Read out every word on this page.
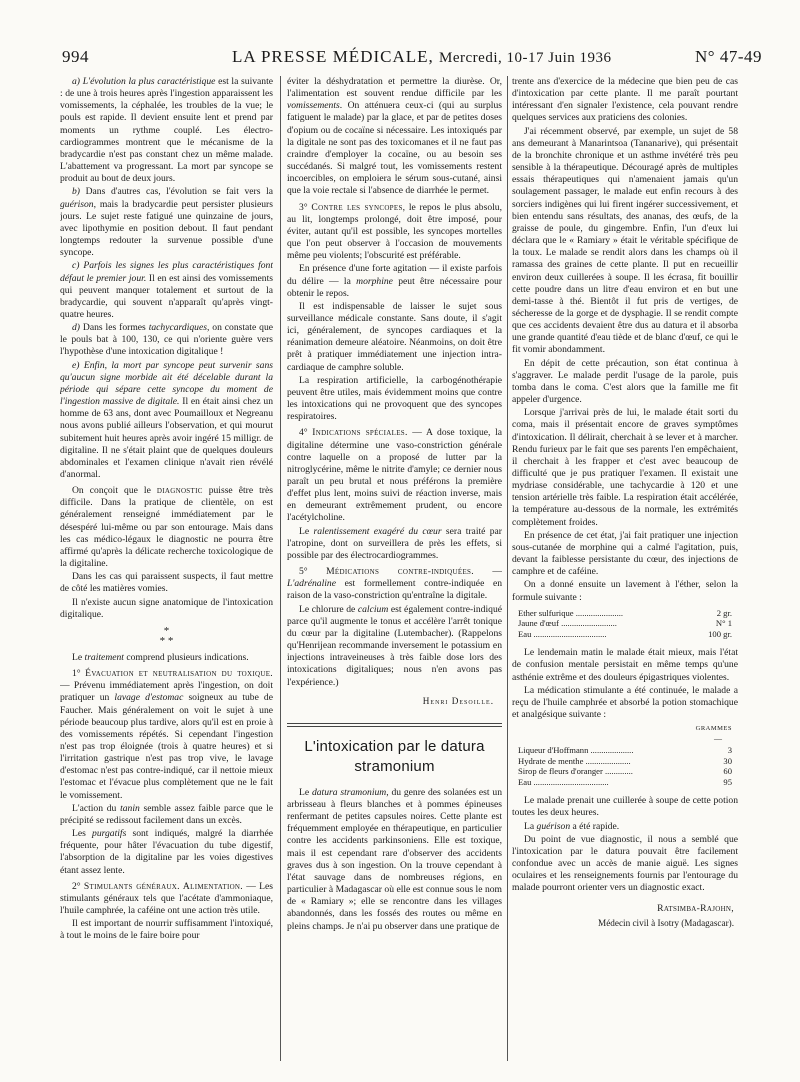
994	LA PRESSE MÉDICALE, Mercredi, 10-17 Juin 1936	N° 47-49

a) L'évolution la plus caractéristique est la suivante : de une à trois heures après l'ingestion apparaissent les vomissements, la céphalée, les troubles de la vue; le pouls est rapide. Il devient ensuite lent et prend par moments un rythme couplé. Les électro-cardiogrammes montrent que le mécanisme de la bradycardie n'est pas constant chez un même malade. L'abattement va progressant. La mort par syncope se produit au bout de deux jours.

b) Dans d'autres cas, l'évolution se fait vers la guérison, mais la bradycardie peut persister plusieurs jours. Le sujet reste fatigué une quinzaine de jours, avec lipothymie en position debout. Il faut pendant longtemps redouter la survenue possible d'une syncope.

c) Parfois les signes les plus caractéristiques font défaut le premier jour. Il en est ainsi des vomissements qui peuvent manquer totalement et surtout de la bradycardie, qui souvent n'apparaît qu'après vingt-quatre heures.

d) Dans les formes tachycardiques, on constate que le pouls bat à 100, 130, ce qui n'oriente guère vers l'hypothèse d'une intoxication digitalique !

e) Enfin, la mort par syncope peut survenir sans qu'aucun signe morbide ait été décelable durant la période qui sépare cette syncope du moment de l'ingestion massive de digitale. Il en était ainsi chez un homme de 63 ans, dont avec Poumailloux et Negreanu nous avons publié ailleurs l'observation, et qui mourut subitement huit heures après avoir ingéré 15 milligr. de digitaline. Il ne s'était plaint que de quelques douleurs abdominales et l'examen clinique n'avait rien révélé d'anormal.

On conçoit que le diagnostic puisse être très difficile. Dans la pratique de clientèle, on est généralement renseigné immédiatement par le désespéré lui-même ou par son entourage. Mais dans les cas médico-légaux le diagnostic ne pourra être affirmé qu'après la délicate recherche toxicologique de la digitaline.

Dans les cas qui paraissent suspects, il faut mettre de côté les matières vomies.

Il n'existe aucun signe anatomique de l'intoxication digitalique.

*
* *

Le traitement comprend plusieurs indications.

1° Évacuation et neutralisation du toxique. — Prévenu immédiatement après l'ingestion, on doit pratiquer un lavage d'estomac soigneux au tube de Faucher. Mais généralement on voit le sujet à une période beaucoup plus tardive, alors qu'il est en proie à des vomissements répétés. Si cependant l'ingestion n'est pas trop éloignée (trois à quatre heures) et si l'irritation gastrique n'est pas trop vive, le lavage d'estomac n'est pas contre-indiqué, car il nettoie mieux l'estomac et l'évacue plus complètement que ne le fait le vomissement.

L'action du tanin semble assez faible parce que le précipité se redissout facilement dans un excès.

Les purgatifs sont indiqués, malgré la diarrhée fréquente, pour hâter l'évacuation du tube digestif, l'absorption de la digitaline par les voies digestives étant assez lente.

2° Stimulants généraux. Alimentation. — Les stimulants généraux tels que l'acétate d'ammoniaque, l'huile camphrée, la caféine ont une action très utile.

Il est important de nourrir suffisamment l'intoxiqué, à tout le moins de le faire boire pour

éviter la déshydratation et permettre la diurèse. Or, l'alimentation est souvent rendue difficile par les vomissements. On atténuera ceux-ci (qui au surplus fatiguent le malade) par la glace, et par de petites doses d'opium ou de cocaïne si nécessaire. Les intoxiqués par la digitale ne sont pas des toxicomanes et il ne faut pas craindre d'employer la cocaïne, ou au besoin ses succédanés. Si malgré tout, les vomissements restent incoercibles, on emploiera le sérum sous-cutané, ainsi que la voie rectale si l'absence de diarrhée le permet.

3° Contre les syncopes, le repos le plus absolu, au lit, longtemps prolongé, doit être imposé, pour éviter, autant qu'il est possible, les syncopes mortelles que l'on peut observer à l'occasion de mouvements même peu violents; l'obscurité est préférable.

En présence d'une forte agitation — il existe parfois du délire — la morphine peut être nécessaire pour obtenir le repos.

Il est indispensable de laisser le sujet sous surveillance médicale constante. Sans doute, il s'agit ici, généralement, de syncopes cardiaques et la réanimation demeure aléatoire. Néanmoins, on doit être prêt à pratiquer immédiatement une injection intra-cardiaque de camphre soluble.

La respiration artificielle, la carbogénothérapie peuvent être utiles, mais évidemment moins que contre les intoxications qui ne provoquent que des syncopes respiratoires.

4° Indications spéciales. — A dose toxique, la digitaline détermine une vaso-constriction générale contre laquelle on a proposé de lutter par la nitroglycérine, même le nitrite d'amyle; ce dernier nous paraît un peu brutal et nous préférons la première d'effet plus lent, moins suivi de réaction inverse, mais en demeurant extrêmement prudent, ou encore l'acétylcholine.

Le ralentissement exagéré du cœur sera traité par l'atropine, dont on surveillera de près les effets, si possible par des électrocardiogrammes.

5° Médications contre-indiquées. — L'adrénaline est formellement contre-indiquée en raison de la vaso-constriction qu'entraîne la digitale.

Le chlorure de calcium est également contre-indiqué parce qu'il augmente le tonus et accélère l'arrêt tonique du cœur par la digitaline (Lutembacher). (Rappelons qu'Henrijean recommande inversement le potassium en injections intraveineuses à très faible dose lors des intoxications digitaliques; nous n'en avons pas l'expérience.)

Henri Desoille.
L'intoxication par le datura stramonium

Le datura stramonium, du genre des solanées est un arbrisseau à fleurs blanches et à pommes épineuses renfermant de petites capsules noires. Cette plante est fréquemment employée en thérapeutique, en particulier contre les accidents parkinsoniens. Elle est toxique, mais il est cependant rare d'observer des accidents graves dus à son ingestion. On la trouve cependant à l'état sauvage dans de nombreuses régions, en particulier à Madagascar où elle est connue sous le nom de « Ramiary »; elle se rencontre dans les villages abandonnés, dans les fossés des routes ou même en pleins champs. Je n'ai pu observer dans une pratique de

trente ans d'exercice de la médecine que bien peu de cas d'intoxication par cette plante. Il me paraît pourtant intéressant d'en signaler l'existence, cela pouvant rendre quelques services aux praticiens des colonies.

J'ai récemment observé, par exemple, un sujet de 58 ans demeurant à Manarintsoa (Tananarive), qui présentait de la bronchite chronique et un asthme invétéré très peu sensible à la thérapeutique. Découragé après de multiples essais thérapeutiques qui n'amenaient jamais qu'un soulagement passager, le malade eut enfin recours à des sorciers indigènes qui lui firent ingérer successivement, et bien entendu sans résultats, des ananas, des œufs, de la graisse de poule, du gingembre. Enfin, l'un d'eux lui déclara que le « Ramiary » était le véritable spécifique de la toux. Le malade se rendit alors dans les champs où il ramassa des graines de cette plante. Il put en recueillir environ deux cuillerées à soupe. Il les écrasa, fit bouillir cette poudre dans un litre d'eau environ et en but une demi-tasse à thé. Bientôt il fut pris de vertiges, de sécheresse de la gorge et de dysphagie. Il se rendit compte que ces accidents devaient être dus au datura et il absorba une grande quantité d'eau tiède et de blanc d'œuf, ce qui le fit vomir abondamment.

En dépit de cette précaution, son état continua à s'aggraver. Le malade perdit l'usage de la parole, puis tomba dans le coma. C'est alors que la famille me fit appeler d'urgence.

Lorsque j'arrivai près de lui, le malade était sorti du coma, mais il présentait encore de graves symptômes d'intoxication. Il délirait, cherchait à se lever et à marcher. Rendu furieux par le fait que ses parents l'en empêchaient, il cherchait à les frapper et c'est avec beaucoup de difficulté que je pus pratiquer l'examen. Il existait une mydriase considérable, une tachycardie à 120 et une tension artérielle très faible. La respiration était accélérée, la température au-dessous de la normale, les extrémités complètement froides.

En présence de cet état, j'ai fait pratiquer une injection sous-cutanée de morphine qui a calmé l'agitation, puis, devant la faiblesse persistante du cœur, des injections de camphre et de caféine.

On a donné ensuite un lavement à l'éther, selon la formule suivante :

Ether sulfurique ......................	2 gr.
Jaune d'œuf ..........................	N° 1
Eau ..................................	100 gr.

Le lendemain matin le malade était mieux, mais l'état de confusion mentale persistait en même temps qu'une asthénie extrême et des douleurs épigastriques violentes.

La médication stimulante a été continuée, le malade a reçu de l'huile camphrée et absorbé la potion stomachique et analgésique suivante :

GRAMMES
—
Liqueur d'Hoffmann ....................	3
Hydrate de menthe .....................	30
Sirop de fleurs d'oranger .............	60
Eau ...................................	95

Le malade prenait une cuillerée à soupe de cette potion toutes les deux heures.

La guérison a été rapide.

Du point de vue diagnostic, il nous a semblé que l'intoxication par le datura pouvait être facilement confondue avec un accès de manie aiguë. Les signes oculaires et les renseignements fournis par l'entourage du malade pourront orienter vers un diagnostic exact.

Ratsimba-Rajohn,
Médecin civil à Isotry (Madagascar).
